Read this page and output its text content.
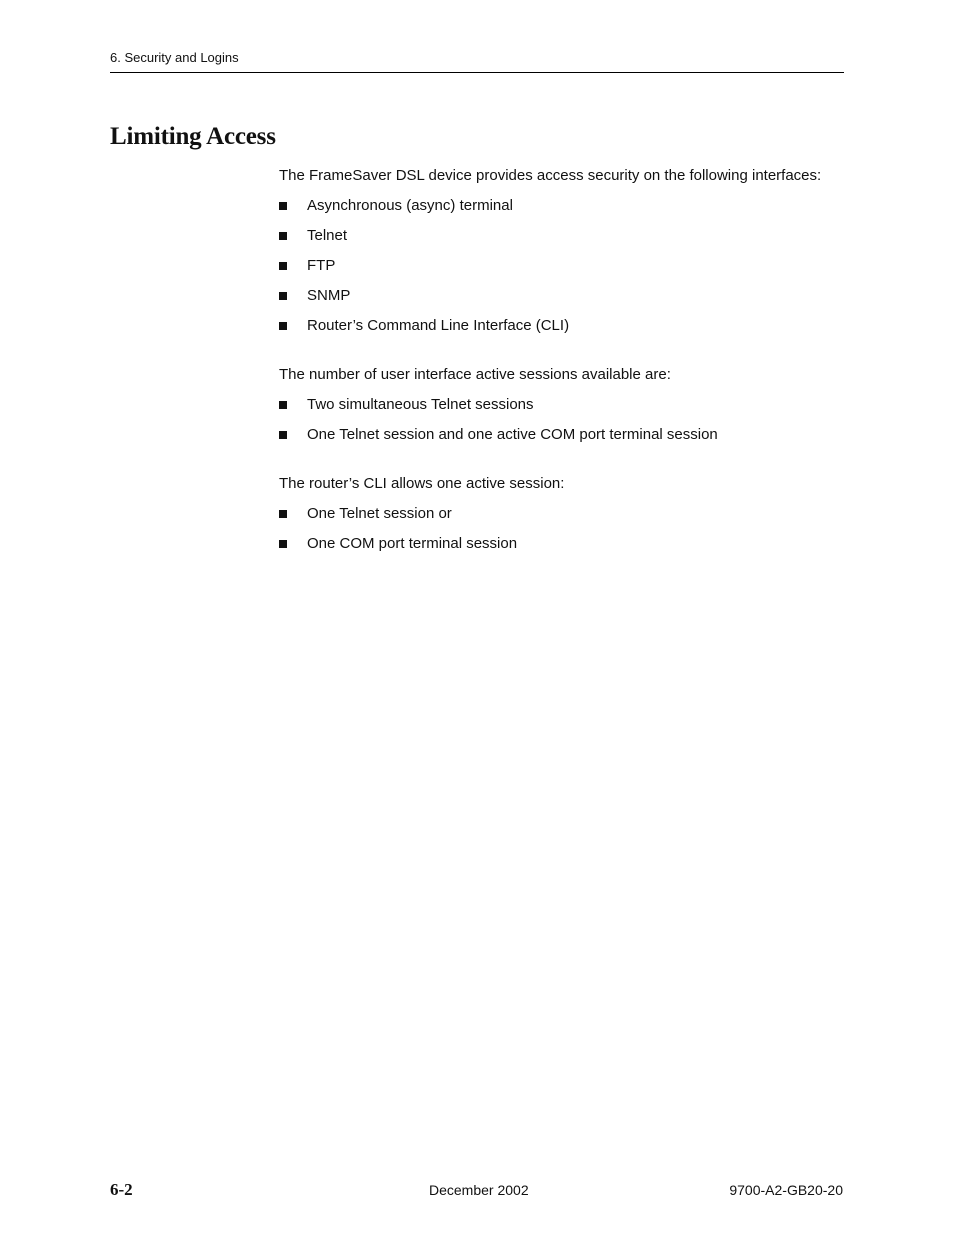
6. Security and Logins
Limiting Access

The FrameSaver DSL device provides access security on the following interfaces:

Asynchronous (async) terminal
Telnet
FTP
SNMP
Router’s Command Line Interface (CLI)

The number of user interface active sessions available are:

Two simultaneous Telnet sessions
One Telnet session and one active COM port terminal session

The router’s CLI allows one active session:

One Telnet session or
One COM port terminal session
6-2	December 2002	9700-A2-GB20-20
